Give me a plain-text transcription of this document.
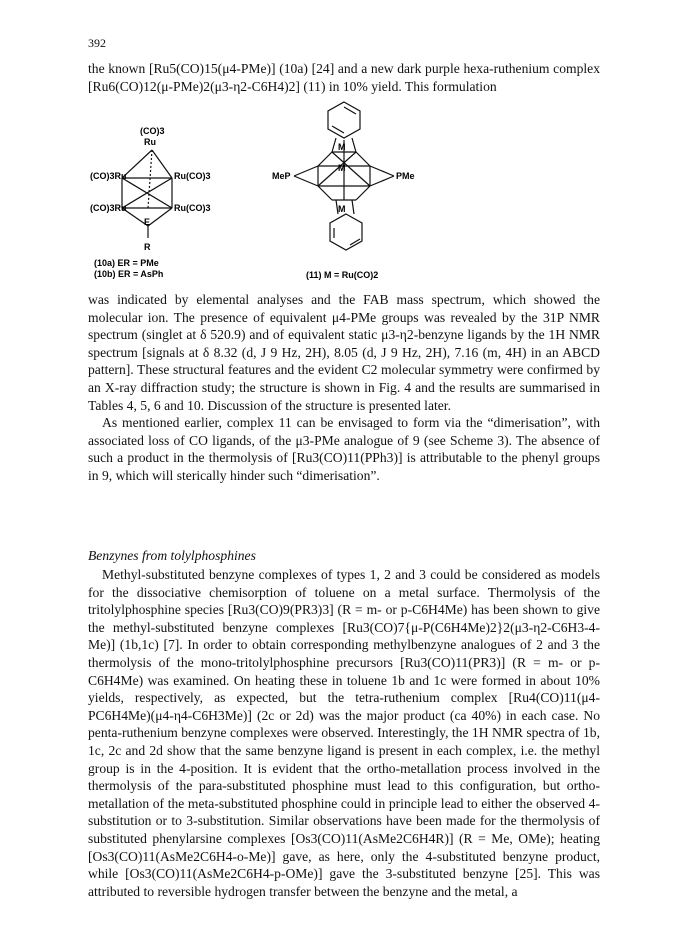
392
the known [Ru5(CO)15(μ4-PMe)] (10a) [24] and a new dark purple hexa-ruthenium complex [Ru6(CO)12(μ-PMe)2(μ3-η2-C6H4)2] (11) in 10% yield. This formulation
(CO)3
Ru
(CO)3Ru	Ru(CO)3
(CO)3Ru	Ru(CO)3
E
R
(10a) ER = PMe
(10b) ER = AsPh
M
M
M
MeP	PMe
(11) M = Ru(CO)2
was indicated by elemental analyses and the FAB mass spectrum, which showed the molecular ion. The presence of equivalent μ4-PMe groups was revealed by the 31P NMR spectrum (singlet at δ 520.9) and of equivalent static μ3-η2-benzyne ligands by the 1H NMR spectrum [signals at δ 8.32 (d, J 9 Hz, 2H), 8.05 (d, J 9 Hz, 2H), 7.16 (m, 4H) in an ABCD pattern]. These structural features and the evident C2 molecular symmetry were confirmed by an X-ray diffraction study; the structure is shown in Fig. 4 and the results are summarised in Tables 4, 5, 6 and 10. Discussion of the structure is presented later.
As mentioned earlier, complex 11 can be envisaged to form via the “dimerisation”, with associated loss of CO ligands, of the μ3-PMe analogue of 9 (see Scheme 3). The absence of such a product in the thermolysis of [Ru3(CO)11(PPh3)] is attributable to the phenyl groups in 9, which will sterically hinder such “dimerisation”.
Benzynes from tolylphosphines
Methyl-substituted benzyne complexes of types 1, 2 and 3 could be considered as models for the dissociative chemisorption of toluene on a metal surface. Thermolysis of the tritolylphosphine species [Ru3(CO)9(PR3)3] (R = m- or p-C6H4Me) has been shown to give the methyl-substituted benzyne complexes [Ru3(CO)7{μ-P(C6H4Me)2}2(μ3-η2-C6H3-4-Me)] (1b,1c) [7]. In order to obtain corresponding methylbenzyne analogues of 2 and 3 the thermolysis of the mono-tritolylphosphine precursors [Ru3(CO)11(PR3)] (R = m- or p-C6H4Me) was examined. On heating these in toluene 1b and 1c were formed in about 10% yields, respectively, as expected, but the tetra-ruthenium complex [Ru4(CO)11(μ4-PC6H4Me)(μ4-η4-C6H3Me)] (2c or 2d) was the major product (ca 40%) in each case. No penta-ruthenium benzyne complexes were observed. Interestingly, the 1H NMR spectra of 1b, 1c, 2c and 2d show that the same benzyne ligand is present in each complex, i.e. the methyl group is in the 4-position. It is evident that the ortho-metallation process involved in the thermolysis of the para-substituted phosphine must lead to this configuration, but ortho-metallation of the meta-substituted phosphine could in principle lead to either the observed 4-substitution or to 3-substitution. Similar observations have been made for the thermolysis of substituted phenylarsine complexes [Os3(CO)11(AsMe2C6H4R)] (R = Me, OMe); heating [Os3(CO)11(AsMe2C6H4-o-Me)] gave, as here, only the 4-substituted benzyne product, while [Os3(CO)11(AsMe2C6H4-p-OMe)] gave the 3-substituted benzyne [25]. This was attributed to reversible hydrogen transfer between the benzyne and the metal, a
